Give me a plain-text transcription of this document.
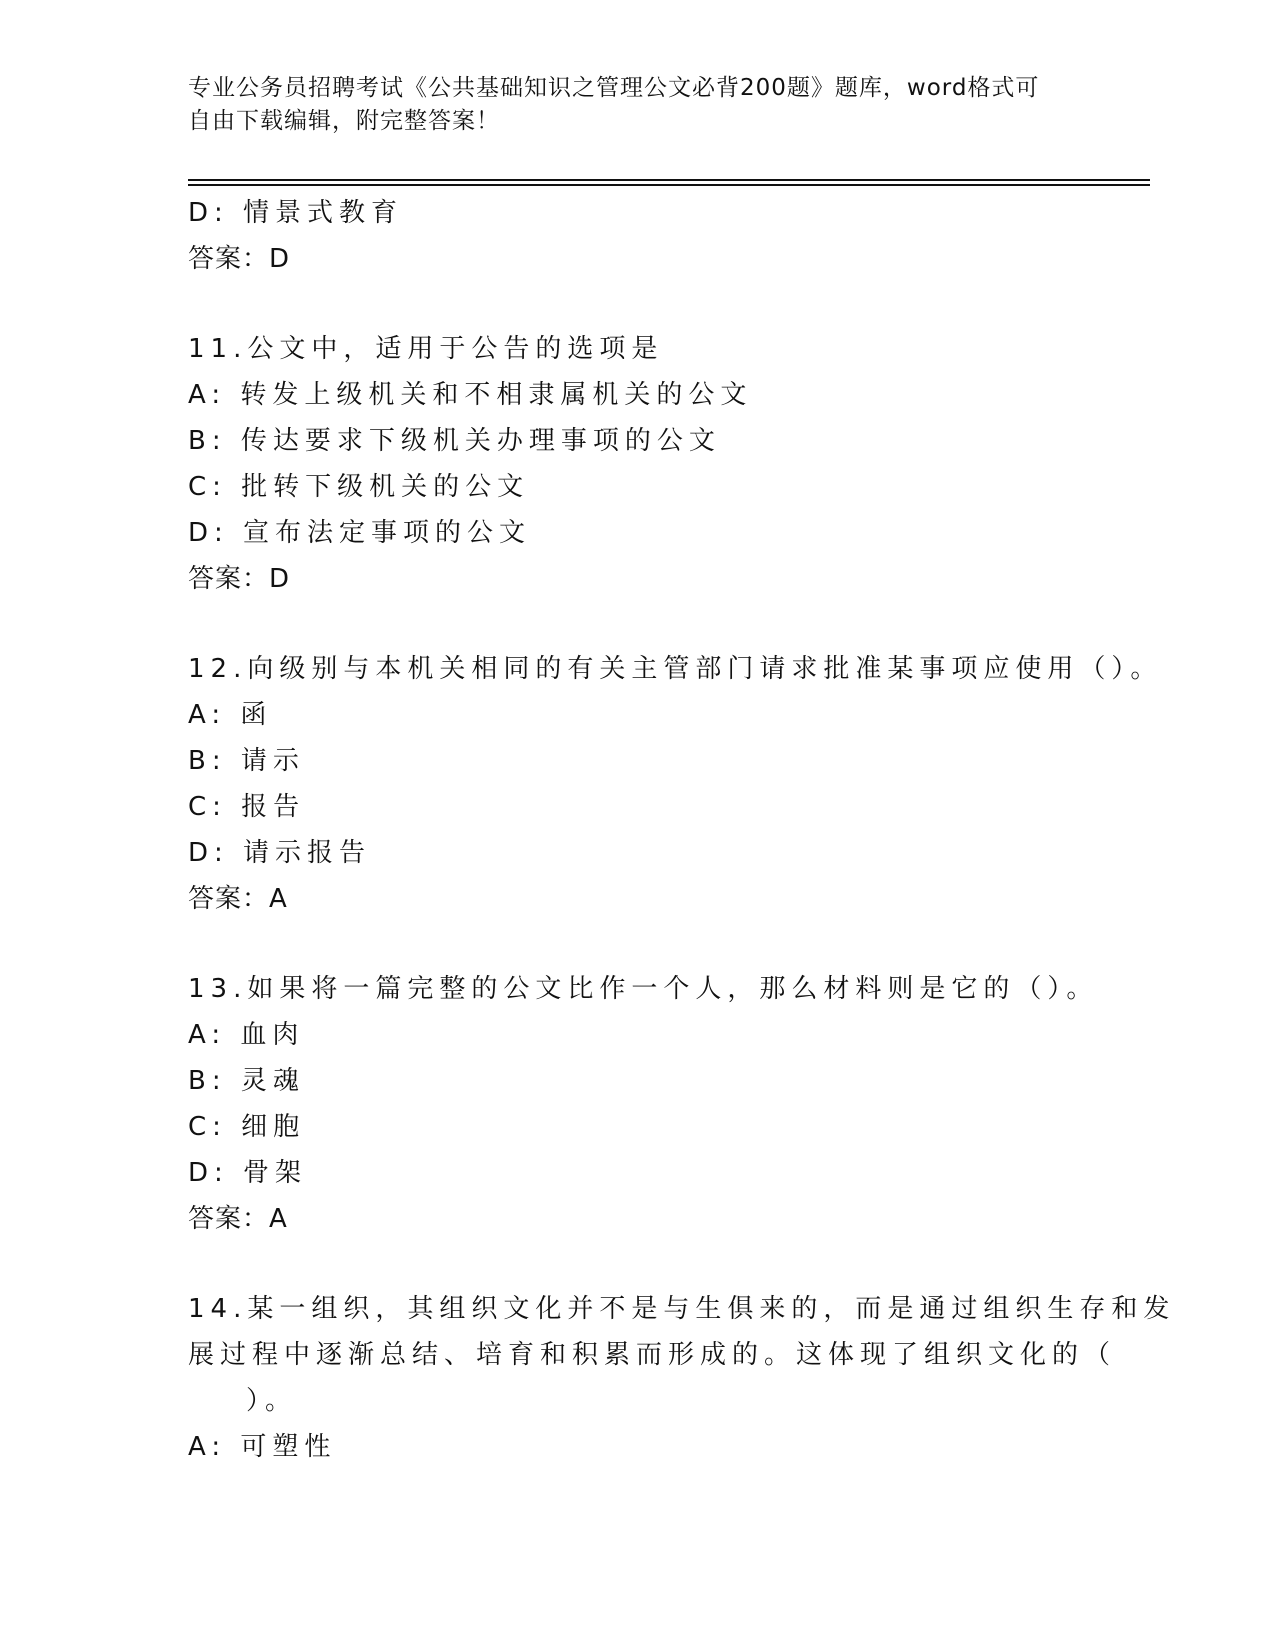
专业公务员招聘考试《公共基础知识之管理公文必背200题》题库，word格式可
自由下载编辑，附完整答案！
D: 情景式教育
答案：D
11.公文中，适用于公告的选项是
A: 转发上级机关和不相隶属机关的公文
B: 传达要求下级机关办理事项的公文
C: 批转下级机关的公文
D: 宣布法定事项的公文
答案：D
12.向级别与本机关相同的有关主管部门请求批准某事项应使用（）。
A: 函
B: 请示
C: 报告
D: 请示报告
答案：A
13.如果将一篇完整的公文比作一个人，那么材料则是它的（）。
A: 血肉
B: 灵魂
C: 细胞
D: 骨架
答案：A
14.某一组织，其组织文化并不是与生俱来的，而是通过组织生存和发
展过程中逐渐总结、培育和积累而形成的。这体现了组织文化的（
）。
A: 可塑性
